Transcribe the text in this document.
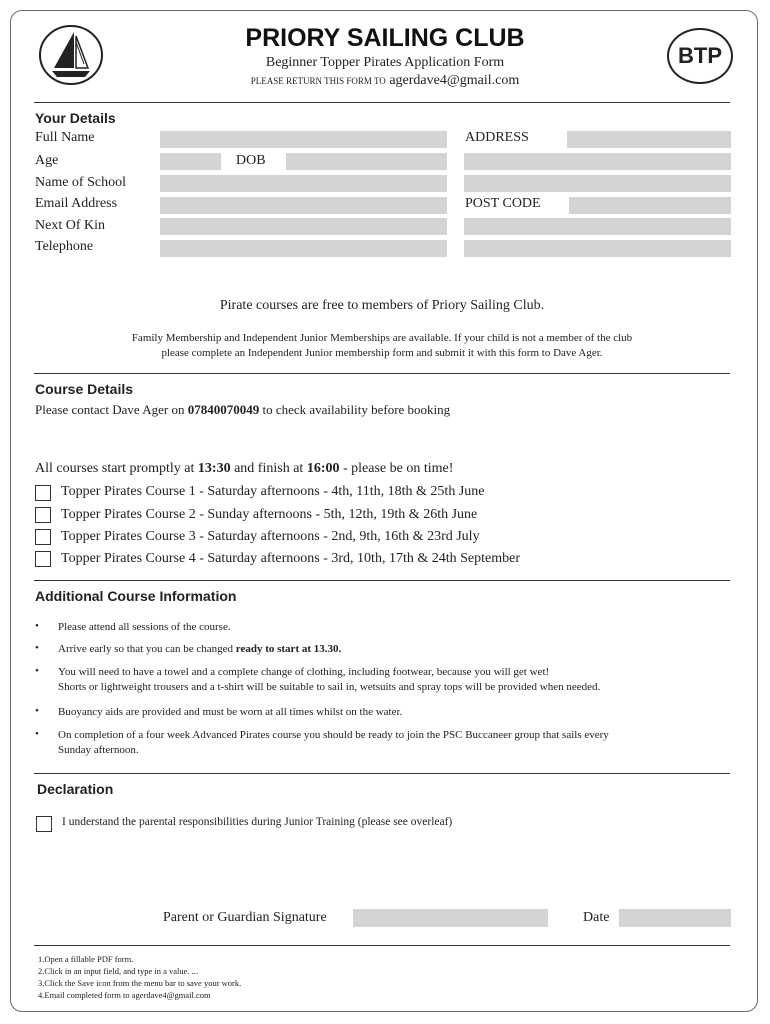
PRIORY SAILING CLUB
Beginner Topper Pirates Application Form
PLEASE RETURN THIS FORM TO agerdave4@gmail.com
BTP
Your Details
Full Name	ADDRESS
Age	DOB
Name of School
Email Address	POST CODE
Next Of Kin
Telephone
Pirate courses are free to members of Priory Sailing Club.
Family Membership and Independent Junior Memberships are available. If your child is not a member of the club
please complete an Independent Junior membership form and submit it with this form to Dave Ager.
Course Details
Please contact Dave Ager on 07840070049 to check availability before booking
All courses start promptly at 13:30 and finish at 16:00 - please be on time!
Topper Pirates Course 1 - Saturday afternoons - 4th, 11th, 18th & 25th June
Topper Pirates Course 2 - Sunday afternoons - 5th, 12th, 19th & 26th June
Topper Pirates Course 3 - Saturday afternoons - 2nd, 9th, 16th & 23rd July
Topper Pirates Course 4 - Saturday afternoons - 3rd, 10th, 17th & 24th September
Additional Course Information
• Please attend all sessions of the course.
• Arrive early so that you can be changed ready to start at 13.30.
• You will need to have a towel and a complete change of clothing, including footwear, because you will get wet!
Shorts or lightweight trousers and a t-shirt will be suitable to sail in, wetsuits and spray tops will be provided when needed.
• Buoyancy aids are provided and must be worn at all times whilst on the water.
• On completion of a four week Advanced Pirates course you should be ready to join the PSC Buccaneer group that sails every
Sunday afternoon.
Declaration
I understand the parental responsibilities during Junior Training (please see overleaf)
Parent or Guardian Signature	Date
1.Open a fillable PDF form.
2.Click in an input field, and type in a value. ...
3.Click the Save icon from the menu bar to save your work.
4.Email completed form to agerdave4@gmail.com
